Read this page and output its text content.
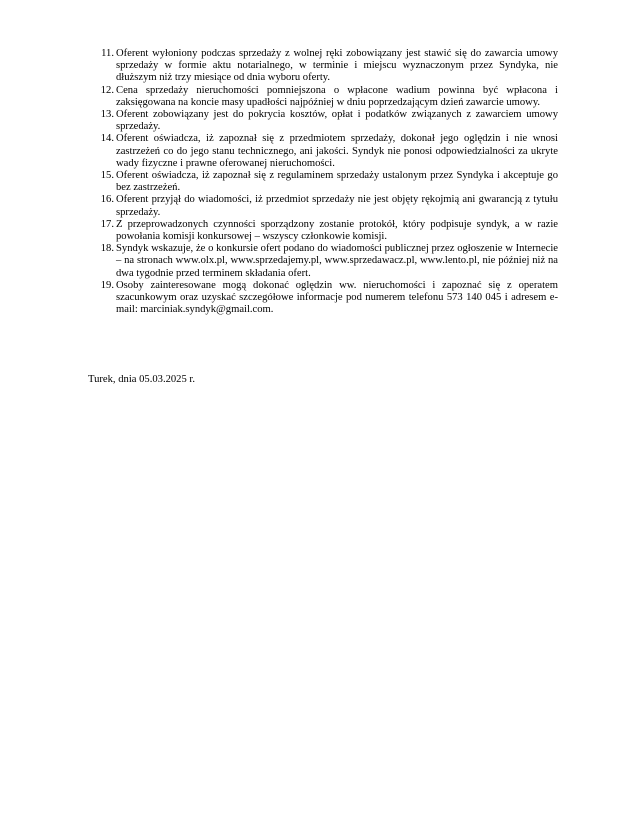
11. Oferent wyłoniony podczas sprzedaży z wolnej ręki zobowiązany jest stawić się do zawarcia umowy sprzedaży w formie aktu notarialnego, w terminie i miejscu wyznaczonym przez Syndyka, nie dłuższym niż trzy miesiące od dnia wyboru oferty.
12. Cena sprzedaży nieruchomości pomniejszona o wpłacone wadium powinna być wpłacona i zaksięgowana na koncie masy upadłości najpóźniej w dniu poprzedzającym dzień zawarcie umowy.
13. Oferent zobowiązany jest do pokrycia kosztów, opłat i podatków związanych z zawarciem umowy sprzedaży.
14. Oferent oświadcza, iż zapoznał się z przedmiotem sprzedaży, dokonał jego oględzin i nie wnosi zastrzeżeń co do jego stanu technicznego, ani jakości. Syndyk nie ponosi odpowiedzialności za ukryte wady fizyczne i prawne oferowanej nieruchomości.
15. Oferent oświadcza, iż zapoznał się z regulaminem sprzedaży ustalonym przez Syndyka i akceptuje go bez zastrzeżeń.
16. Oferent przyjął do wiadomości, iż przedmiot sprzedaży nie jest objęty rękojmią ani gwarancją z tytułu sprzedaży.
17. Z przeprowadzonych czynności sporządzony zostanie protokół, który podpisuje syndyk, a w razie powołania komisji konkursowej – wszyscy członkowie komisji.
18. Syndyk wskazuje, że o konkursie ofert podano do wiadomości publicznej przez ogłoszenie w Internecie – na stronach www.olx.pl, www.sprzedajemy.pl, www.sprzedawacz.pl, www.lento.pl, nie później niż na dwa tygodnie przed terminem składania ofert.
19. Osoby zainteresowane mogą dokonać oględzin ww. nieruchomości i zapoznać się z operatem szacunkowym oraz uzyskać szczegółowe informacje pod numerem telefonu 573 140 045 i adresem e-mail: marciniak.syndyk@gmail.com.

Turek, dnia 05.03.2025 r.
